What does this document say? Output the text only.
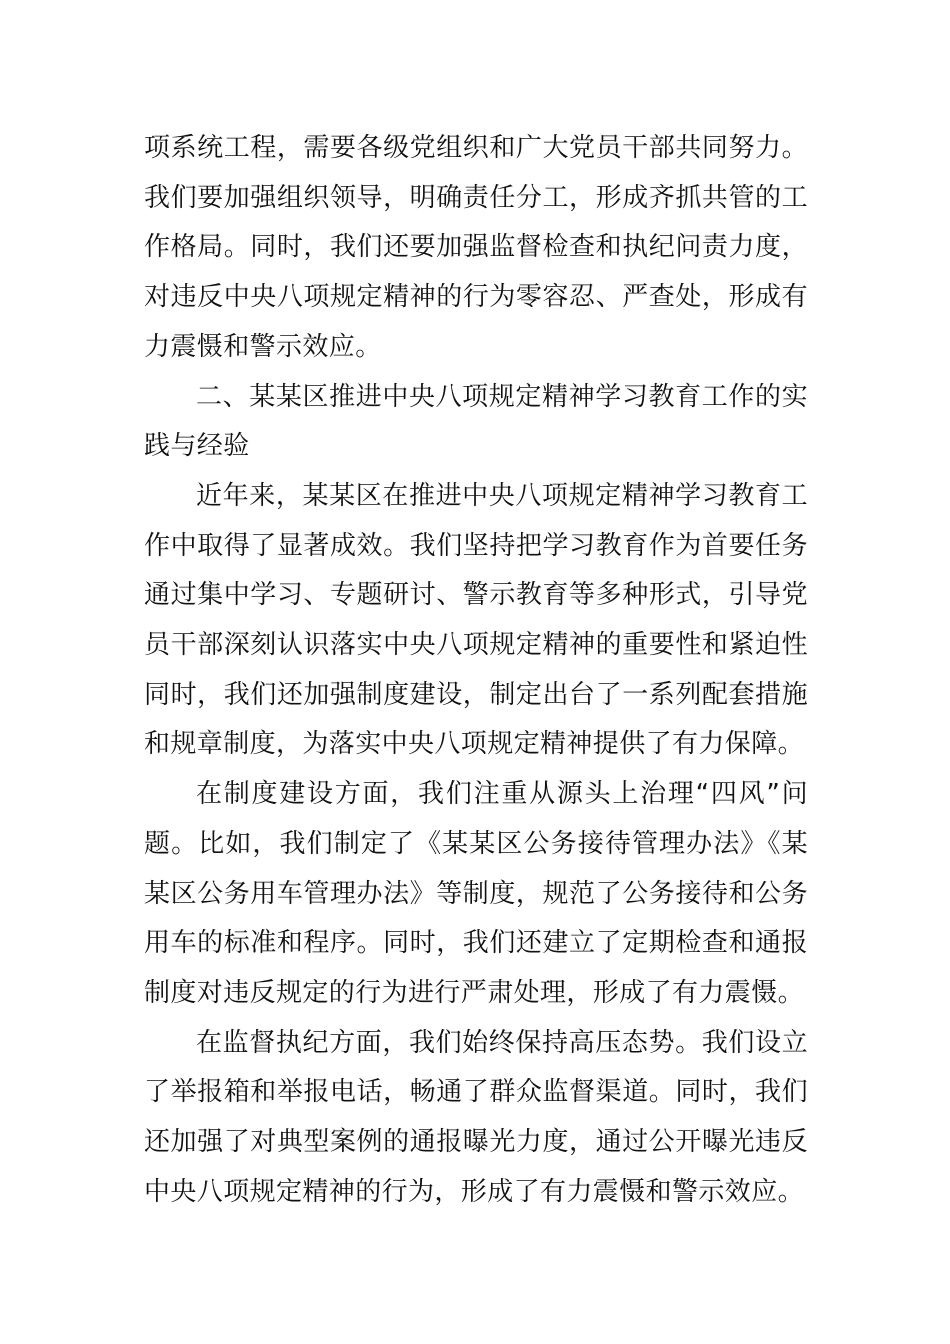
项系统工程，需要各级党组织和广大党员干部共同努力。我们要加强组织领导，明确责任分工，形成齐抓共管的工作格局。同时，我们还要加强监督检查和执纪问责力度，对违反中央八项规定精神的行为零容忍、严查处，形成有力震慑和警示效应。

二、某某区推进中央八项规定精神学习教育工作的实践与经验

近年来，某某区在推进中央八项规定精神学习教育工作中取得了显著成效。我们坚持把学习教育作为首要任务通过集中学习、专题研讨、警示教育等多种形式，引导党员干部深刻认识落实中央八项规定精神的重要性和紧迫性同时，我们还加强制度建设，制定出台了一系列配套措施和规章制度，为落实中央八项规定精神提供了有力保障。

在制度建设方面，我们注重从源头上治理“四风”问题。比如，我们制定了《某某区公务接待管理办法》《某某区公务用车管理办法》等制度，规范了公务接待和公务用车的标准和程序。同时，我们还建立了定期检查和通报制度对违反规定的行为进行严肃处理，形成了有力震慑。

在监督执纪方面，我们始终保持高压态势。我们设立了举报箱和举报电话，畅通了群众监督渠道。同时，我们还加强了对典型案例的通报曝光力度，通过公开曝光违反中央八项规定精神的行为，形成了有力震慑和警示效应。
